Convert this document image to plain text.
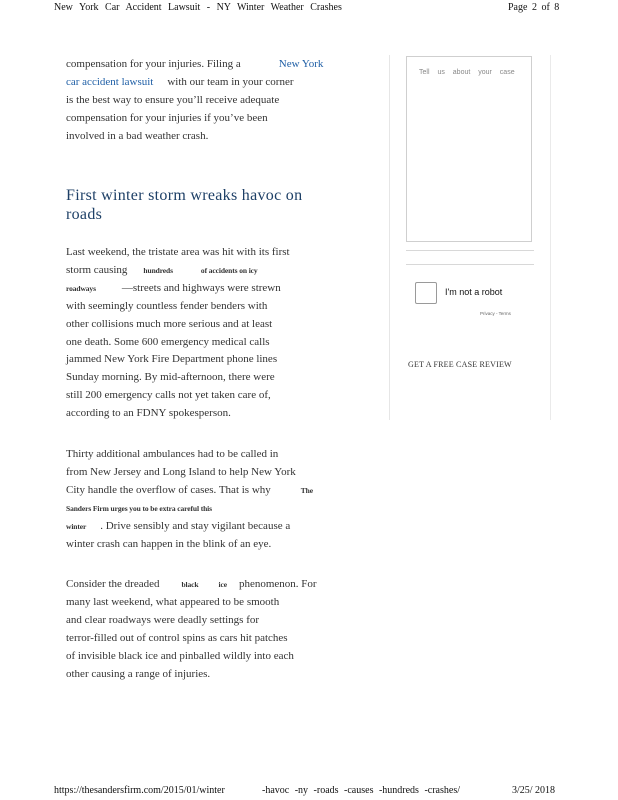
New York Car Accident Lawsuit - NY Winter Weather Crashes	Page 2 of 8
https://thesandersfirm.com/2015/01/winter	-havoc -ny -roads -causes -hundreds -crashes/	3/25/ 2018

compensation for your injuries. Filing a	New York

car accident lawsuit with our team in your corner

is the best way to ensure you’ll receive adequate

compensation for your injuries if you’ve been

involved in a bad weather crash.

First winter storm wreaks havoc on roads

Last weekend, the tristate area was hit with its first

storm causing hundreds	of accidents on icy

roadways —streets and highways were strewn

with seemingly countless fender benders with

other collisions much more serious and at least

one death. Some 600 emergency medical calls

jammed New York Fire Department phone lines

Sunday morning. By mid-afternoon, there were

still 200 emergency calls not yet taken care of,

according to an FDNY spokesperson.

Thirty additional ambulances had to be called in

from New Jersey and Long Island to help New York

City handle the overflow of cases. That is why	The

Sanders Firm urges you to be extra careful this

winter . Drive sensibly and stay vigilant because a

winter crash can happen in the blink of an eye.

Consider the dreaded	black	ice phenomenon. For

many last weekend, what appeared to be smooth

and clear roadways were deadly settings for

terror-filled out of control spins as cars hit patches

of invisible black ice and pinballed wildly into each

other causing a range of injuries.

Tell us about your case
I'm not a robot
Privacy - Terms
GET A FREE CASE REVIEW
